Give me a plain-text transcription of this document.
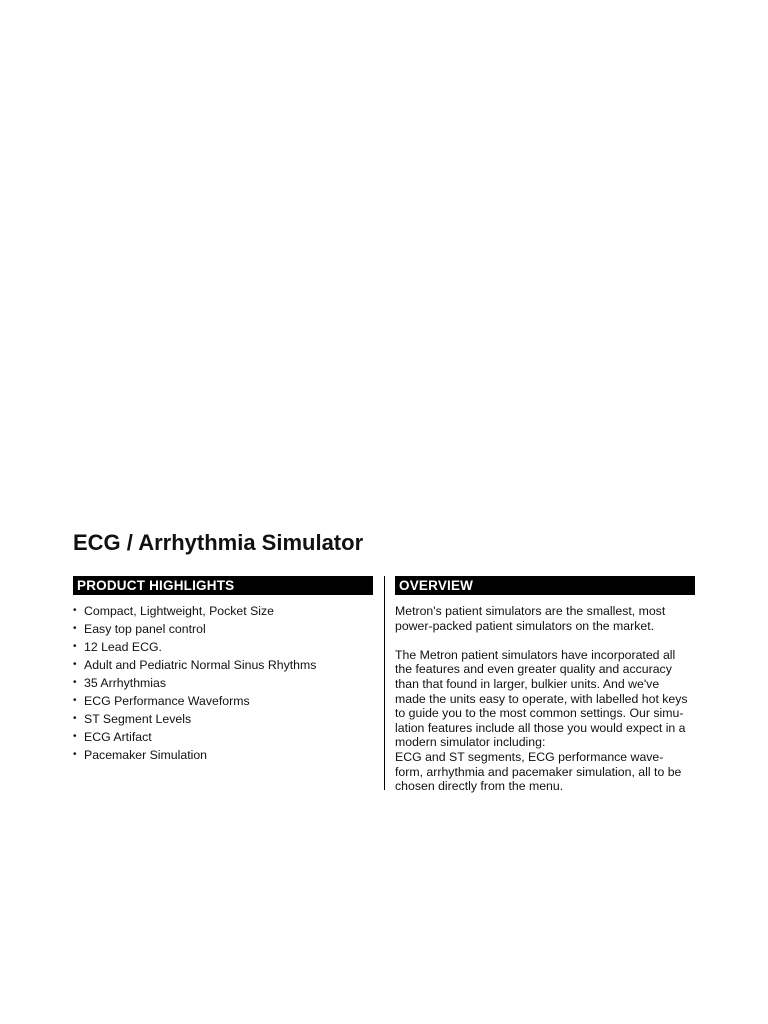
ECG / Arrhythmia Simulator
PRODUCT HIGHLIGHTS
• Compact, Lightweight, Pocket Size
• Easy top panel control
• 12 Lead ECG.
• Adult and Pediatric Normal Sinus Rhythms
• 35 Arrhythmias
• ECG Performance Waveforms
• ST Segment Levels
• ECG Artifact
• Pacemaker Simulation
OVERVIEW

Metron's patient simulators are the smallest, most
power-packed patient simulators on the market.

The Metron patient simulators have incorporated all
the features and even greater quality and accuracy
than that found in larger, bulkier units. And we've
made the units easy to operate, with labelled hot keys
to guide you to the most common settings. Our simu-
lation features include all those you would expect in a
modern simulator including:
ECG and ST segments, ECG performance wave-
form, arrhythmia and pacemaker simulation, all to be
chosen directly from the menu.
